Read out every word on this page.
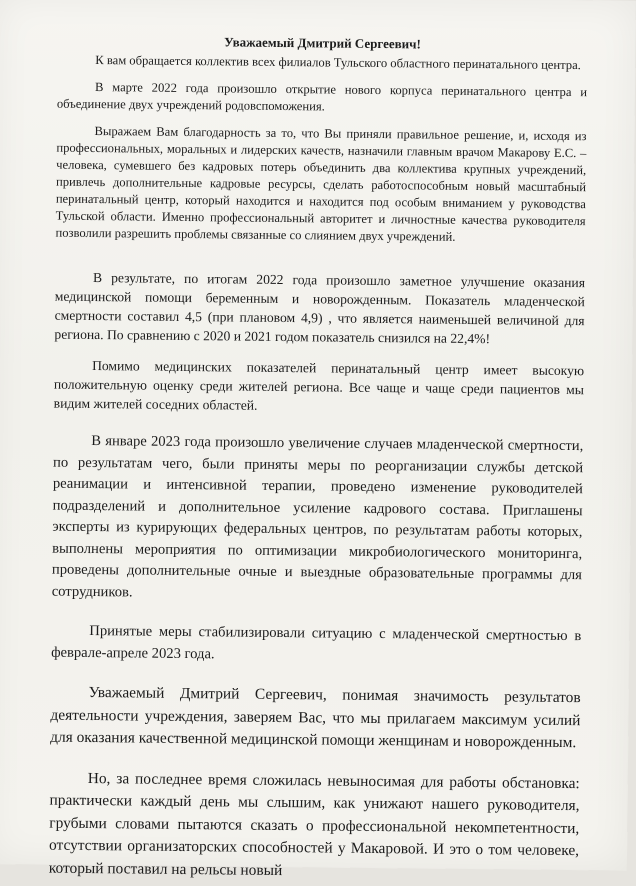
Уважаемый Дмитрий Сергеевич!

К вам обращается коллектив всех филиалов Тульского областного перинатального центра.

В марте 2022 года произошло открытие нового корпуса перинатального центра и объединение двух учреждений родовспоможения.

Выражаем Вам благодарность за то, что Вы приняли правильное решение, и, исходя из профессиональных, моральных и лидерских качеств, назначили главным врачом Макарову Е.С. – человека, сумевшего без кадровых потерь объединить два коллектива крупных учреждений, привлечь дополнительные кадровые ресурсы, сделать работоспособным новый масштабный перинатальный центр, который находится и находится под особым вниманием у руководства Тульской области. Именно профессиональный авторитет и личностные качества руководителя позволили разрешить проблемы связанные со слиянием двух учреждений.

В результате, по итогам 2022 года произошло заметное улучшение оказания медицинской помощи беременным и новорожденным. Показатель младенческой смертности составил 4,5 (при плановом 4,9) , что является наименьшей величиной для региона. По сравнению с 2020 и 2021 годом показатель снизился на 22,4%!

Помимо медицинских показателей перинатальный центр имеет высокую положительную оценку среди жителей региона. Все чаще и чаще среди пациентов мы видим жителей соседних областей.

В январе 2023 года произошло увеличение случаев младенческой смертности, по результатам чего, были приняты меры по реорганизации службы детской реанимации и интенсивной терапии, проведено изменение руководителей подразделений и дополнительное усиление кадрового состава. Приглашены эксперты из курирующих федеральных центров, по результатам работы которых, выполнены мероприятия по оптимизации микробиологического мониторинга, проведены дополнительные очные и выездные образовательные программы для сотрудников.

Принятые меры стабилизировали ситуацию с младенческой смертностью в феврале-апреле 2023 года.

Уважаемый Дмитрий Сергеевич, понимая значимость результатов деятельности учреждения, заверяем Вас, что мы прилагаем максимум усилий для оказания качественной медицинской помощи женщинам и новорожденным.

Но, за последнее время сложилась невыносимая для работы обстановка: практически каждый день мы слышим, как унижают нашего руководителя, грубыми словами пытаются сказать о профессиональной некомпетентности, отсутствии организаторских способностей у Макаровой. И это о том человеке, который поставил на рельсы новый
